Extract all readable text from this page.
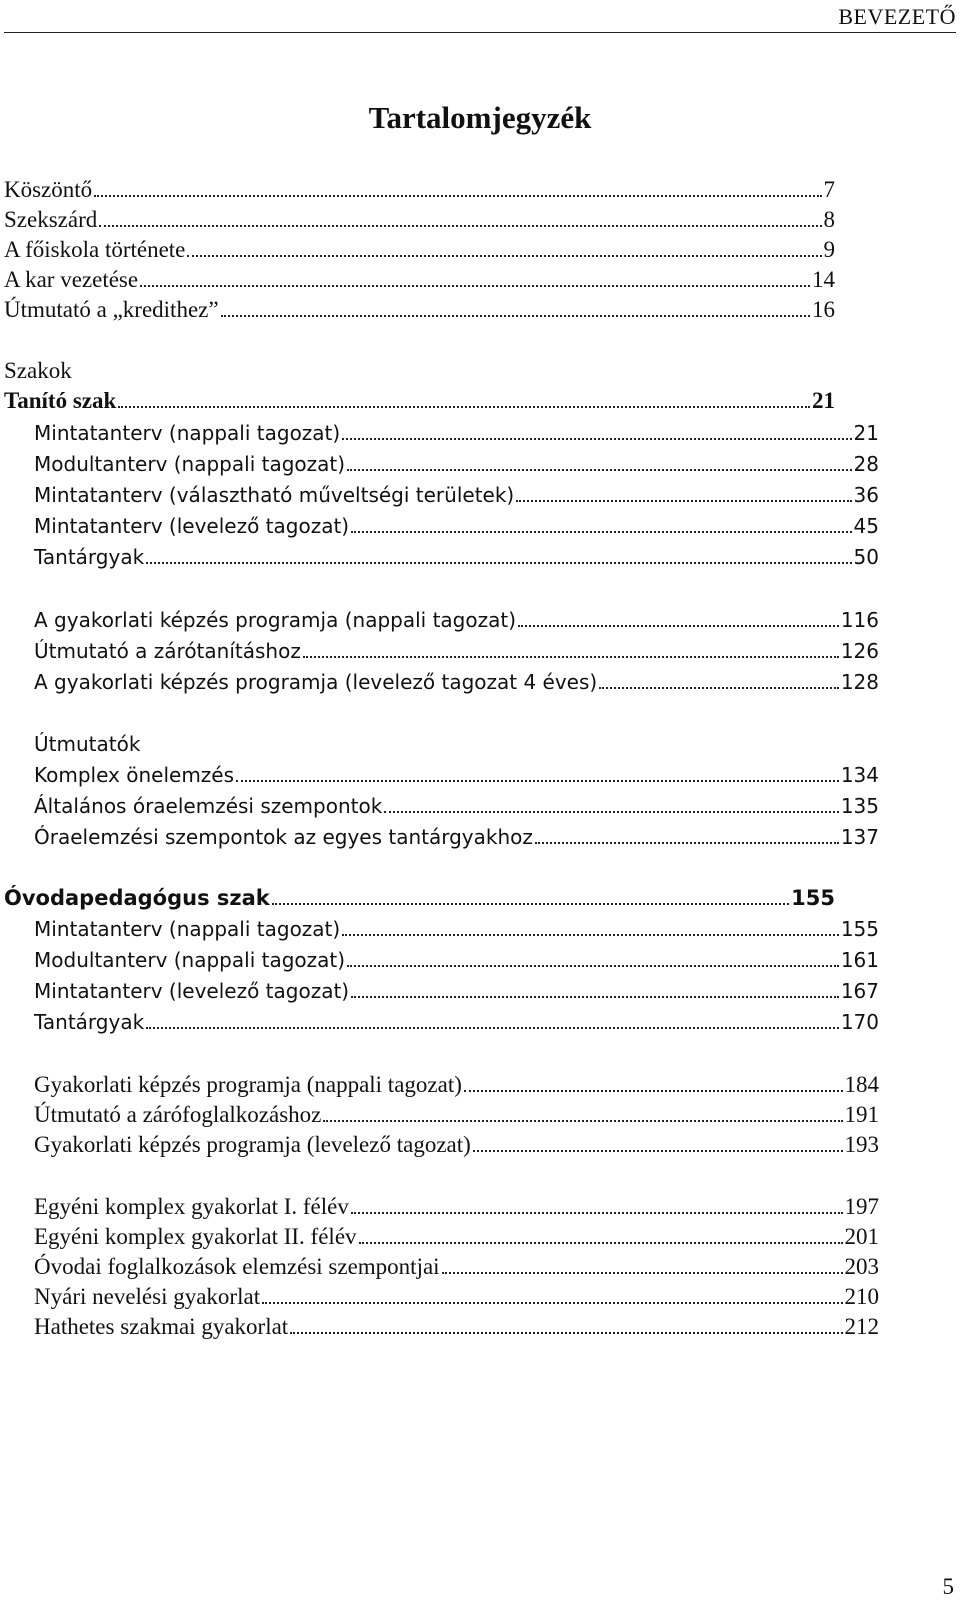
BEVEZETŐ
Tartalomjegyzék
Köszöntő	7
Szekszárd	8
A főiskola története	9
A kar vezetése	14
Útmutató a „kredithez”	16
Szakok
Tanító szak	21
Mintatanterv (nappali tagozat)	21
Modultanterv (nappali tagozat)	28
Mintatanterv (választható műveltségi területek)	36
Mintatanterv (levelező tagozat)	45
Tantárgyak	50
A gyakorlati képzés programja (nappali tagozat)	116
Útmutató a zárótanításhoz	126
A gyakorlati képzés programja (levelező tagozat 4 éves)	128
Útmutatók
Komplex önelemzés	134
Általános óraelemzési szempontok	135
Óraelemzési szempontok az egyes tantárgyakhoz	137
Óvodapedagógus szak	155
Mintatanterv (nappali tagozat)	155
Modultanterv (nappali tagozat)	161
Mintatanterv (levelező tagozat)	167
Tantárgyak	170
Gyakorlati képzés programja (nappali tagozat)	184
Útmutató a zárófoglalkozáshoz	191
Gyakorlati képzés programja (levelező tagozat)	193
Egyéni komplex gyakorlat I. félév	197
Egyéni komplex gyakorlat II. félév	201
Óvodai foglalkozások elemzési szempontjai	203
Nyári nevelési gyakorlat	210
Hathetes szakmai gyakorlat	212
5
